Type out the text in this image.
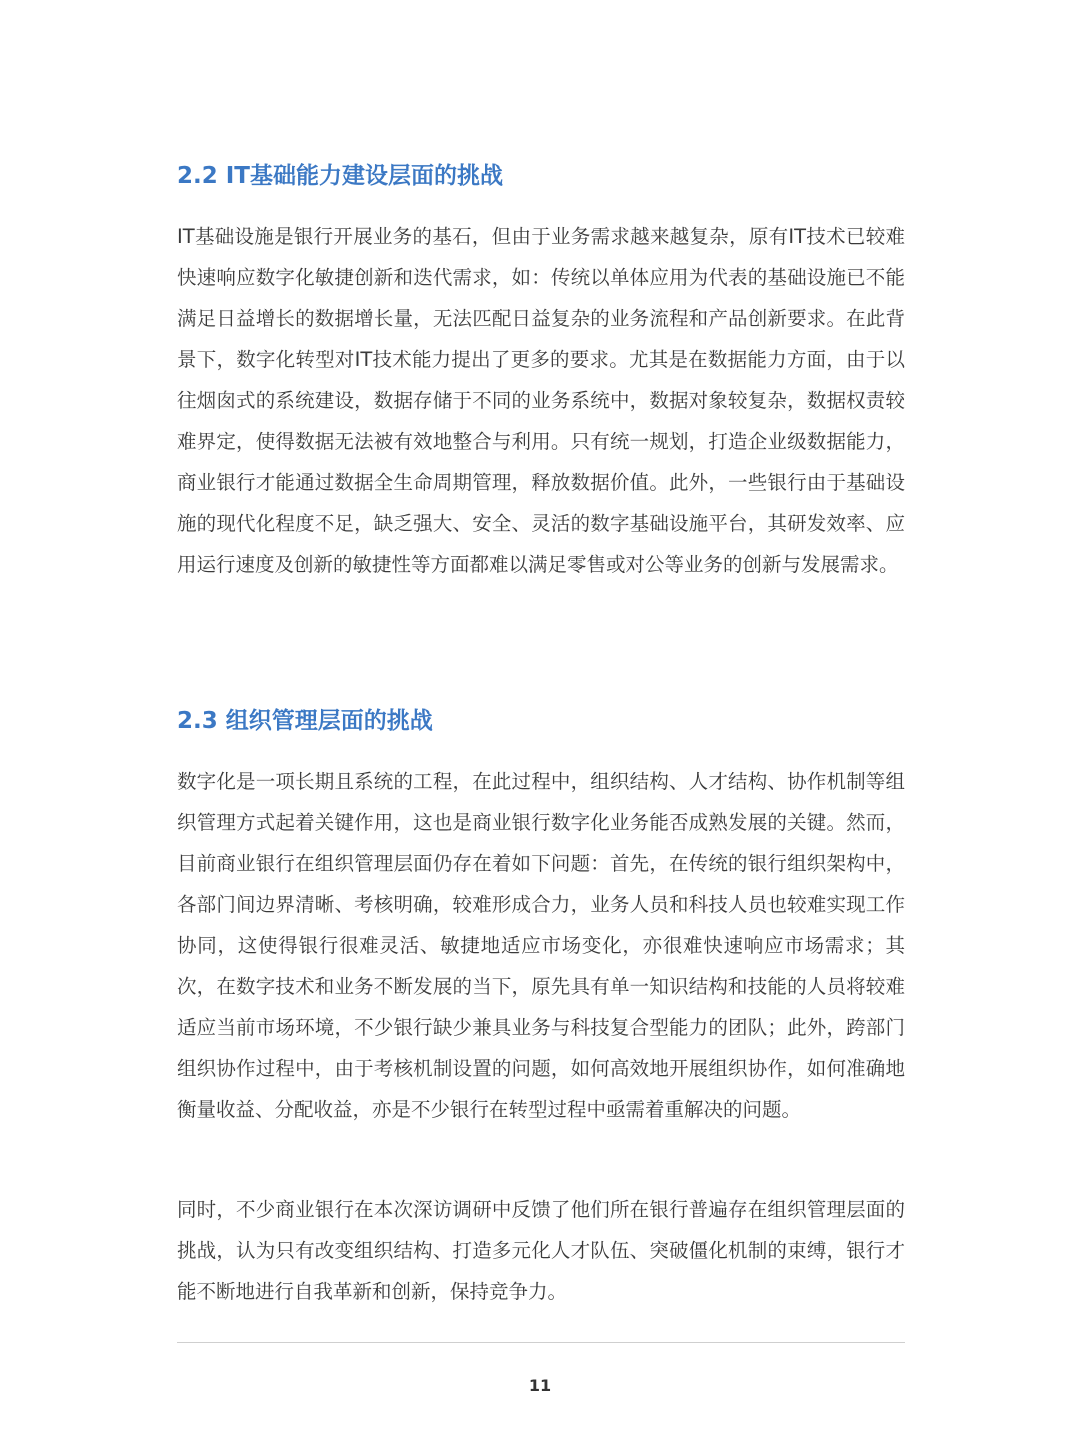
2.2 IT基础能力建设层面的挑战

IT基础设施是银行开展业务的基石，但由于业务需求越来越复杂，原有IT技术已较难快速响应数字化敏捷创新和迭代需求，如：传统以单体应用为代表的基础设施已不能满足日益增长的数据增长量，无法匹配日益复杂的业务流程和产品创新要求。在此背景下，数字化转型对IT技术能力提出了更多的要求。尤其是在数据能力方面，由于以往烟囱式的系统建设，数据存储于不同的业务系统中，数据对象较复杂，数据权责较难界定，使得数据无法被有效地整合与利用。只有统一规划，打造企业级数据能力，商业银行才能通过数据全生命周期管理，释放数据价值。此外，一些银行由于基础设施的现代化程度不足，缺乏强大、安全、灵活的数字基础设施平台，其研发效率、应用运行速度及创新的敏捷性等方面都难以满足零售或对公等业务的创新与发展需求。

2.3 组织管理层面的挑战

数字化是一项长期且系统的工程，在此过程中，组织结构、人才结构、协作机制等组织管理方式起着关键作用，这也是商业银行数字化业务能否成熟发展的关键。然而，目前商业银行在组织管理层面仍存在着如下问题：首先，在传统的银行组织架构中，各部门间边界清晰、考核明确，较难形成合力，业务人员和科技人员也较难实现工作协同，这使得银行很难灵活、敏捷地适应市场变化，亦很难快速响应市场需求；其次，在数字技术和业务不断发展的当下，原先具有单一知识结构和技能的人员将较难适应当前市场环境，不少银行缺少兼具业务与科技复合型能力的团队；此外，跨部门组织协作过程中，由于考核机制设置的问题，如何高效地开展组织协作，如何准确地衡量收益、分配收益，亦是不少银行在转型过程中亟需着重解决的问题。

同时，不少商业银行在本次深访调研中反馈了他们所在银行普遍存在组织管理层面的挑战，认为只有改变组织结构、打造多元化人才队伍、突破僵化机制的束缚，银行才能不断地进行自我革新和创新，保持竞争力。

11
